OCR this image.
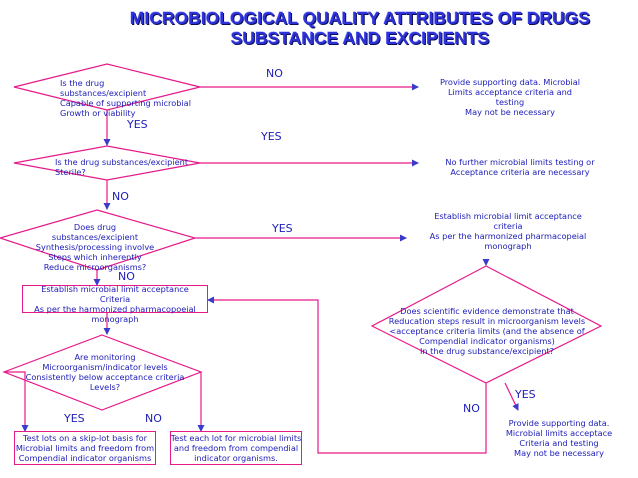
MICROBIOLOGICAL QUALITY ATTRIBUTES OF DRUGS
SUBSTANCE AND EXCIPIENTS
Is the drug
substances/excipient
Capable of supporting microbial
Growth or viability
Provide supporting data. Microbial
Limits acceptance criteria and
testing
May not be necessary
Is the drug substances/excipient
Sterile?
No further microbial limits testing or
Acceptance criteria are necessary
Does drug
substances/excipient
Synthesis/processing involve
Steps which inherently
Reduce microorganisms?
Establish microbial limit acceptance
criteria
As per the harmonized pharmacopeial
monograph
Establish microbial limit acceptance
Criteria
As per the harmonized pharmacopoeial
monograph
Does scientific evidence demonstrate that
Reducation steps result in microorganism levels
<acceptance criteria limits (and the absence of
Compendial indicator organisms)
In the drug substance/excipient?
Are monitoring
Microorganism/indicator levels
Consistently below acceptance criteria
Levels?
Provide supporting data.
Microbial limits acceptace
Criteria and testing
May not be necessary
Test lots on a skip-lot basis for
Microbial limits and freedom from
Compendial indicator organisms
Test each lot for microbial limits
and freedom from compendial
indicator organisms.
NO
YES
YES
NO
YES
NO
YES
NO
YES	NO
